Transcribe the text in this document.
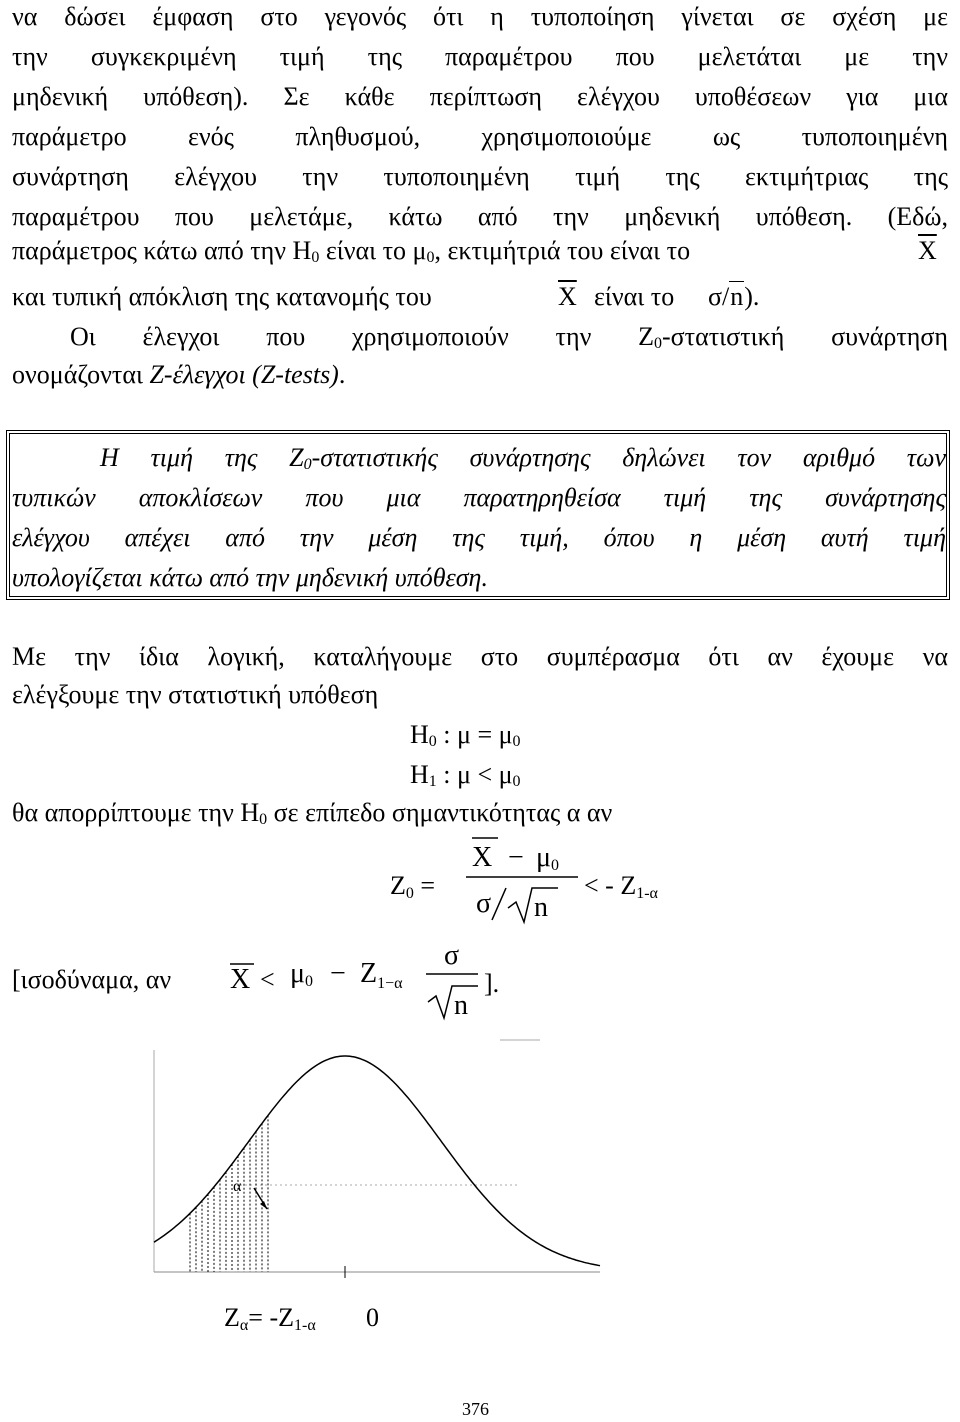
να δώσει έμφαση στο γεγονός ότι η τυποποίηση γίνεται σε σχέση με
την συγκεκριμένη τιμή της παραμέτρου που μελετάται με την
μηδενική υπόθεση). Σε κάθε περίπτωση ελέγχου υποθέσεων για μια
παράμετρο ενός πληθυσμού, χρησιμοποιούμε ως τυποποιημένη
συνάρτηση ελέγχου την τυποποιημένη τιμή της εκτιμήτριας της
παραμέτρου που μελετάμε, κάτω από την μηδενική υπόθεση. (Εδώ,
παράμετρος κάτω από την $H_0$ είναι το $\mu_0$, εκτιμήτριά του είναι το	$\overline{X}$
και τυπική απόκλιση της κατανομής του	$\overline{X}$ είναι το σ/n).
Οι έλεγχοι που χρησιμοποιούν την $Z_0$-στατιστική συνάρτηση
ονομάζονται Z-έλεγχοι (Z-tests).
H τιμή της $Z_0$-στατιστικής συνάρτησης δηλώνει τον αριθμό των
τυπικών αποκλίσεων που μια παρατηρηθείσα τιμή της συνάρτησης
ελέγχου απέχει από την μέση της τιμή, όπου η μέση αυτή τιμή
υπολογίζεται κάτω από την μηδενική υπόθεση.
Με την ίδια λογική, καταλήγουμε στο συμπέρασμα ότι αν έχουμε να
ελέγξουμε την στατιστική υπόθεση
$H_0$ : $\mu = \mu_0$
$H_1$ : $\mu < \mu_0$
θα απορρίπτουμε την $H_0$ σε επίπεδο σημαντικότητας α αν
Z0 =
X − μ0
σ n
< - Z1-α
[ισοδύναμα, αν $X < \mu 0 - Z_{1-\alpha}$
σ
n
].
α
Zα= -Z1-α 0
376
